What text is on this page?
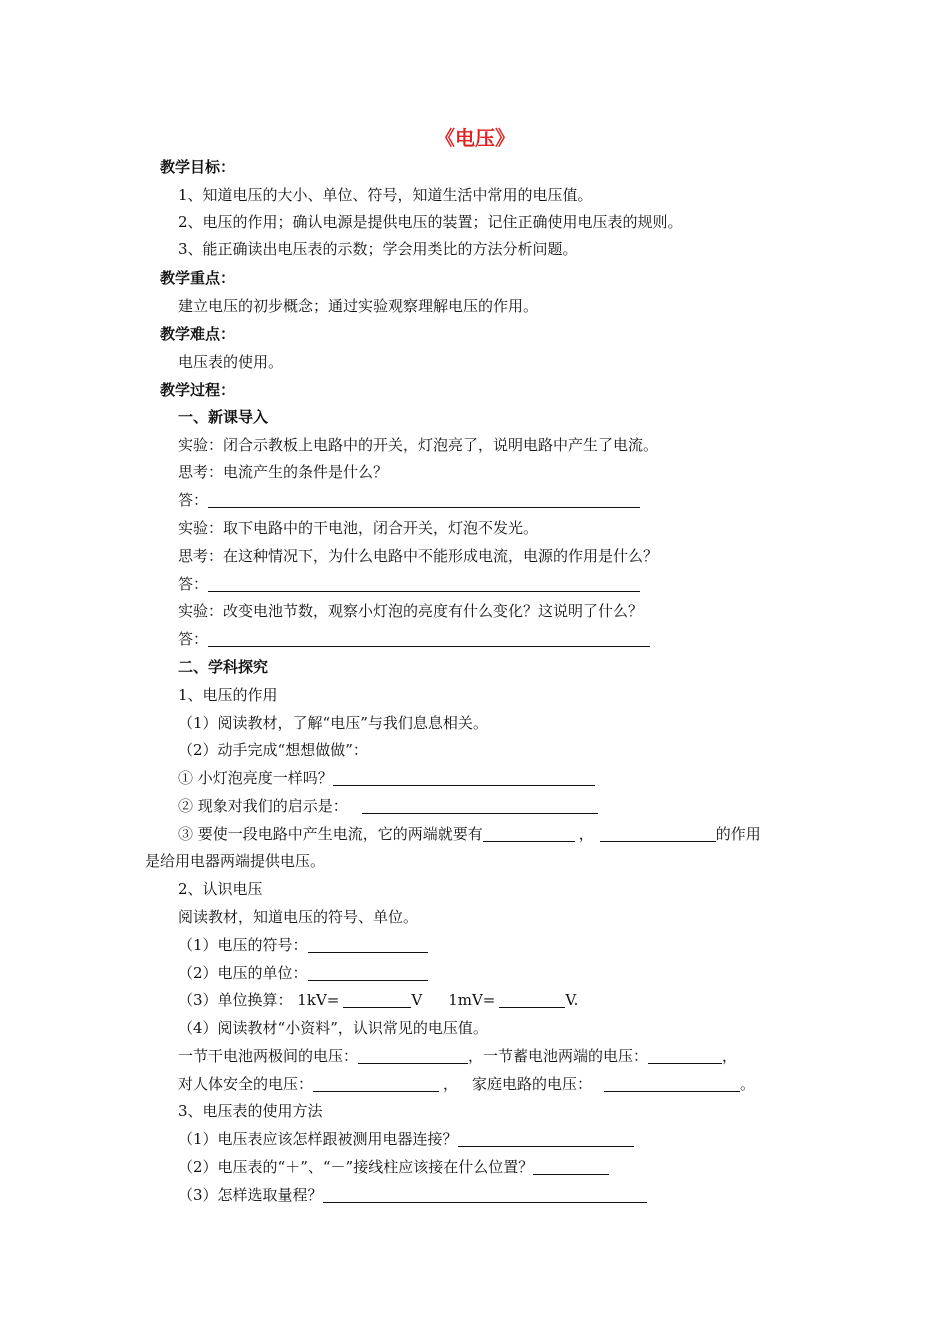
《电压》
教学目标：
1、知道电压的大小、单位、符号，知道生活中常用的电压值。
2、电压的作用；确认电源是提供电压的装置；记住正确使用电压表的规则。
3、能正确读出电压表的示数；学会用类比的方法分析问题。
教学重点：
建立电压的初步概念；通过实验观察理解电压的作用。
教学难点：
电压表的使用。
教学过程：
一、新课导入
实验：闭合示教板上电路中的开关，灯泡亮了，说明电路中产生了电流。
思考：电流产生的条件是什么？
答：
实验：取下电路中的干电池，闭合开关，灯泡不发光。
思考：在这种情况下，为什么电路中不能形成电流，电源的作用是什么？
答：
实验：改变电池节数，观察小灯泡的亮度有什么变化？这说明了什么？
答：
二、学科探究
1、电压的作用
（1）阅读教材，了解“电压”与我们息息相关。
（2）动手完成“想想做做”：
① 小灯泡亮度一样吗？
② 现象对我们的启示是：
③ 要使一段电路中产生电流，它的两端就要有	，	的作用
是给用电器两端提供电压。
2、认识电压
阅读教材，知道电压的符号、单位。
（1）电压的符号：
（2）电压的单位：
（3）单位换算： 1kV=	V 1mV=	V.
（4）阅读教材“小资料”，认识常见的电压值。
一节干电池两极间的电压：	，一节蓄电池两端的电压：	，
对人体安全的电压：	， 家庭电路的电压：	。
3、电压表的使用方法
（1）电压表应该怎样跟被测用电器连接？
（2）电压表的“＋”、“－”接线柱应该接在什么位置？
（3）怎样选取量程？
